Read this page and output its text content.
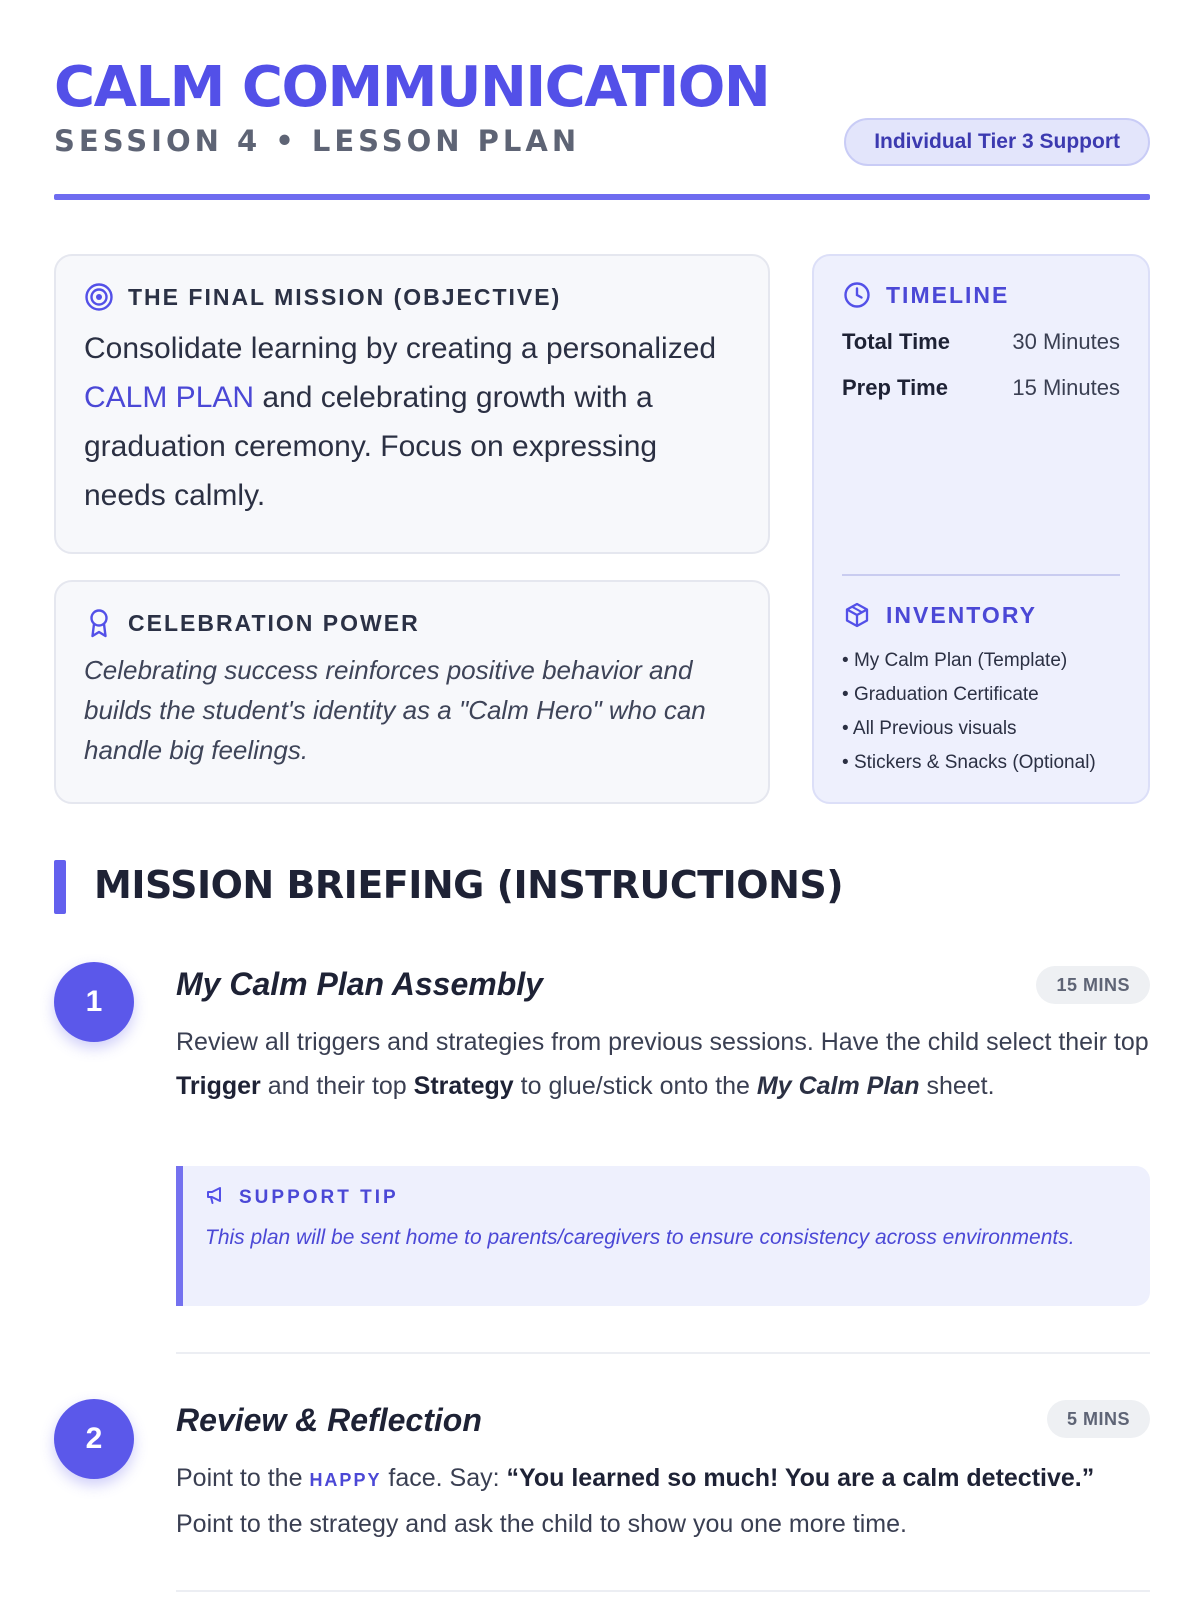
CALM COMMUNICATION
SESSION 4 • LESSON PLAN	Individual Tier 3 Support
THE FINAL MISSION (OBJECTIVE)

Consolidate learning by creating a personalized CALM PLAN and celebrating growth with a graduation ceremony. Focus on expressing needs calmly.

CELEBRATION POWER

Celebrating success reinforces positive behavior and builds the student's identity as a "Calm Hero" who can handle big feelings.

TIMELINE
Total Time	30 Minutes
Prep Time	15 Minutes
INVENTORY
• My Calm Plan (Template)
• Graduation Certificate
• All Previous visuals
• Stickers & Snacks (Optional)
MISSION BRIEFING (INSTRUCTIONS)
1	My Calm Plan Assembly	15 MINS

Review all triggers and strategies from previous sessions. Have the child select their top Trigger and their top Strategy to glue/stick onto the My Calm Plan sheet.

SUPPORT TIP

This plan will be sent home to parents/caregivers to ensure consistency across environments.

2
Review & Reflection	5 MINS

Point to the HAPPY face. Say: “You learned so much! You are a calm detective.” Point to the strategy and ask the child to show you one more time.
